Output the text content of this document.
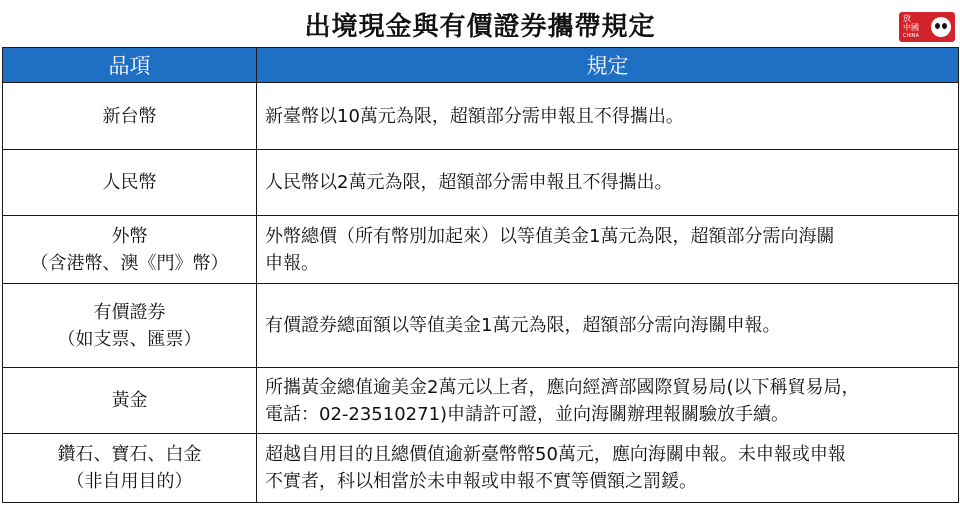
出境現金與有價證券攜帶規定	放
中國
CHINA
品項	規定

新台幣	新臺幣以10萬元為限，超額部分需申報且不得攜出。

人民幣	人民幣以2萬元為限，超額部分需申報且不得攜出。

外幣
（含港幣、澳《門》幣）	外幣總價（所有幣別加起來）以等值美金1萬元為限，超額部分需向海關
申報。

有價證券
（如支票、匯票）	有價證券總面額以等值美金1萬元為限，超額部分需向海關申報。

黃金	所攜黃金總值逾美金2萬元以上者，應向經濟部國際貿易局(以下稱貿易局，
電話：02-23510271)申請許可證，並向海關辦理報關驗放手續。

鑽石、寶石、白金
（非自用目的）	超越自用目的且總價值逾新臺幣幣50萬元，應向海關申報。未申報或申報
不實者，科以相當於未申報或申報不實等價額之罰鍰。
